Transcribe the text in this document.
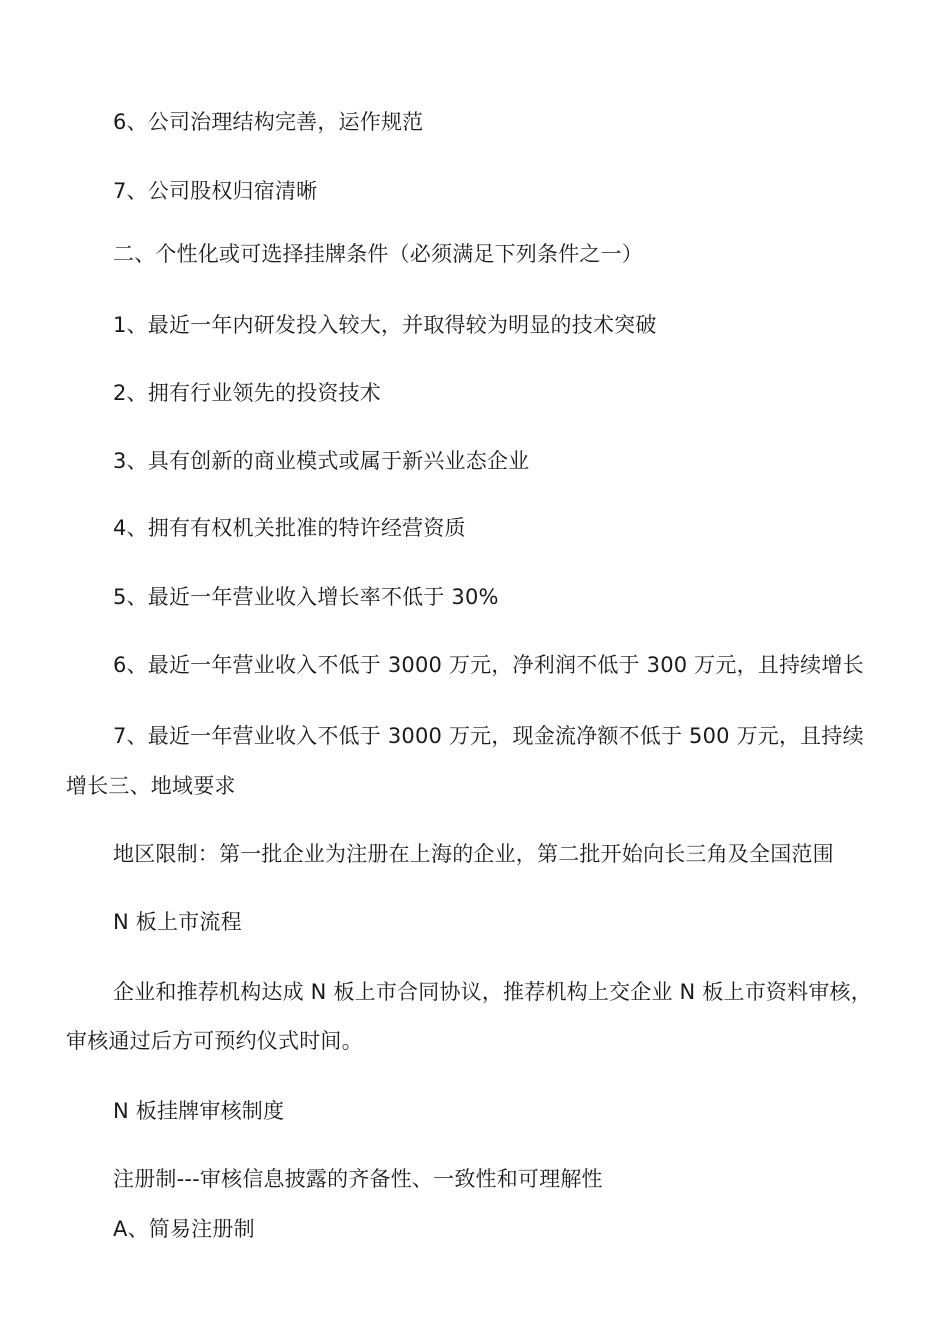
6、公司治理结构完善，运作规范
7、公司股权归宿清晰
二、个性化或可选择挂牌条件（必须满足下列条件之一）
1、最近一年内研发投入较大，并取得较为明显的技术突破
2、拥有行业领先的投资技术
3、具有创新的商业模式或属于新兴业态企业
4、拥有有权机关批准的特许经营资质
5、最近一年营业收入增长率不低于 30%
6、最近一年营业收入不低于 3000 万元，净利润不低于 300 万元，且持续增长
7、最近一年营业收入不低于 3000 万元，现金流净额不低于 500 万元，且持续
增长三、地域要求
地区限制：第一批企业为注册在上海的企业，第二批开始向长三角及全国范围
N 板上市流程
企业和推荐机构达成 N 板上市合同协议，推荐机构上交企业 N 板上市资料审核，
审核通过后方可预约仪式时间。
N 板挂牌审核制度
注册制---审核信息披露的齐备性、一致性和可理解性
A、简易注册制
